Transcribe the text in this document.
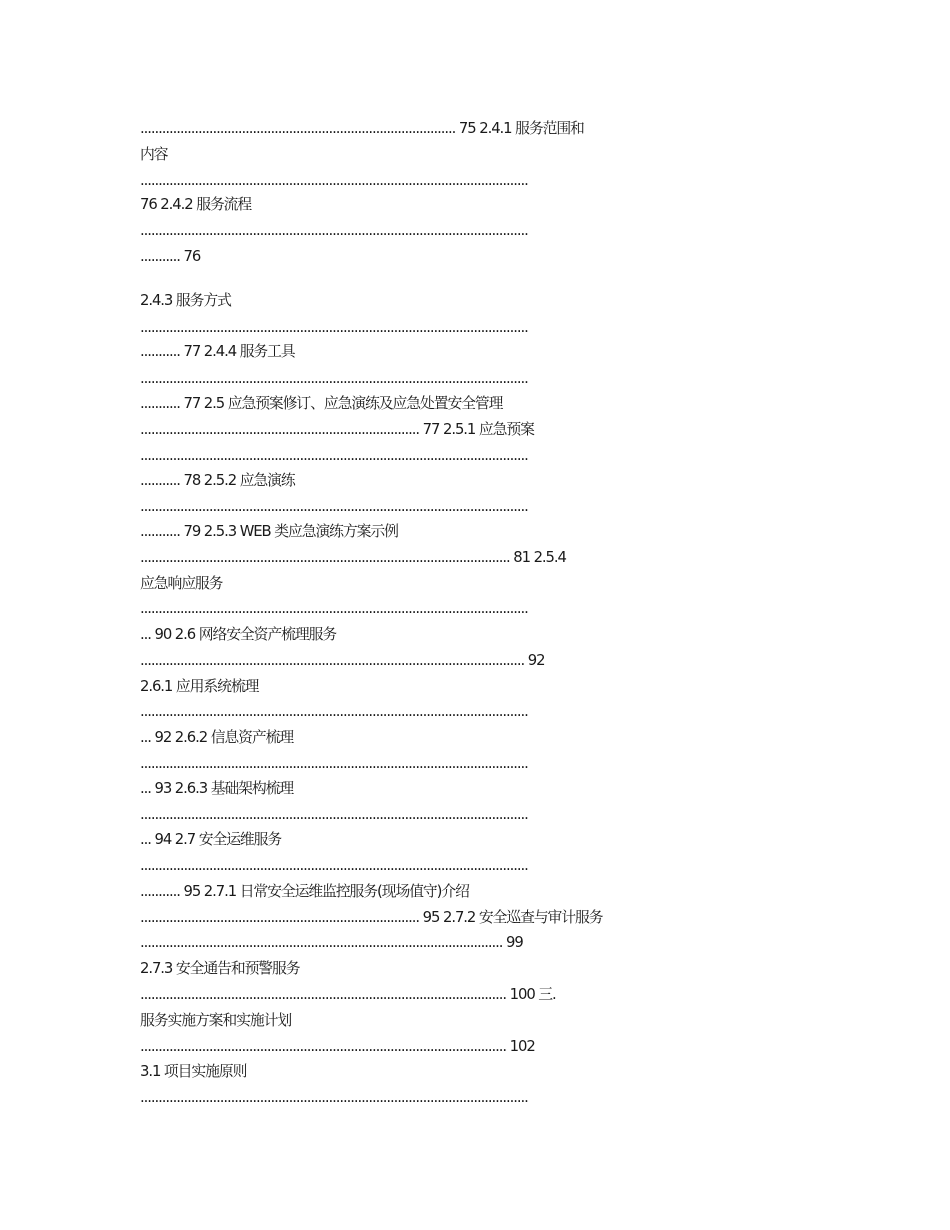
....................................................................................... 75 2.4.1 服务范围和
内容
...........................................................................................................
76 2.4.2 服务流程
...........................................................................................................
........... 76
2.4.3 服务方式
...........................................................................................................
........... 77 2.4.4 服务工具
...........................................................................................................
........... 77 2.5 应急预案修订、应急演练及应急处置安全管理
............................................................................. 77 2.5.1 应急预案
...........................................................................................................
........... 78 2.5.2 应急演练
...........................................................................................................
........... 79 2.5.3 WEB 类应急演练方案示例
...................................................................................................... 81 2.5.4
应急响应服务
...........................................................................................................
... 90 2.6 网络安全资产梳理服务
.......................................................................................................... 92
2.6.1 应用系统梳理
...........................................................................................................
... 92 2.6.2 信息资产梳理
...........................................................................................................
... 93 2.6.3 基础架构梳理
...........................................................................................................
... 94 2.7 安全运维服务
...........................................................................................................
........... 95 2.7.1 日常安全运维监控服务(现场值守)介绍
............................................................................. 95 2.7.2 安全巡查与审计服务
.................................................................................................... 99
2.7.3 安全通告和预警服务
..................................................................................................... 100 三.
服务实施方案和实施计划
..................................................................................................... 102
3.1 项目实施原则
...........................................................................................................
